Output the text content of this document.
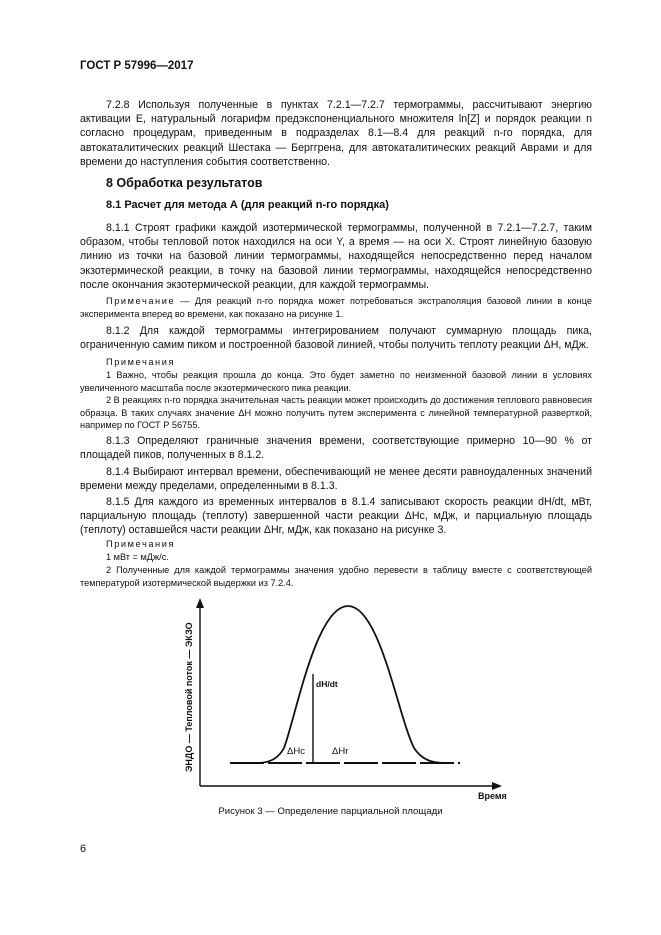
ГОСТ Р 57996—2017
7.2.8 Используя полученные в пунктах 7.2.1—7.2.7 термограммы, рассчитывают энергию активации E, натуральный логарифм предэкспоненциального множителя ln[Z] и порядок реакции n согласно процедурам, приведенным в подразделах 8.1—8.4 для реакций n-го порядка, для автокаталитических реакций Шестака — Берггрена, для автокаталитических реакций Аврами и для времени до наступления события соответственно.
8 Обработка результатов
8.1 Расчет для метода А (для реакций n-го порядка)
8.1.1 Строят графики каждой изотермической термограммы, полученной в 7.2.1—7.2.7, таким образом, чтобы тепловой поток находился на оси Y, а время — на оси X. Строят линейную базовую линию из точки на базовой линии термограммы, находящейся непосредственно перед началом экзотермической реакции, в точку на базовой линии термограммы, находящейся непосредственно после окончания экзотермической реакции, для каждой термограммы.
Примечание — Для реакций n-го порядка может потребоваться экстраполяция базовой линии в конце эксперимента вперед во времени, как показано на рисунке 1.
8.1.2 Для каждой термограммы интегрированием получают суммарную площадь пика, ограниченную самим пиком и построенной базовой линией, чтобы получить теплоту реакции ΔH, мДж.
Примечания
1 Важно, чтобы реакция прошла до конца. Это будет заметно по неизменной базовой линии в условиях увеличенного масштаба после экзотермического пика реакции.
2 В реакциях n-го порядка значительная часть реакции может происходить до достижения теплового равновесия образца. В таких случаях значение ΔH можно получить путем эксперимента с линейной температурной разверткой, например по ГОСТ Р 56755.
8.1.3 Определяют граничные значения времени, соответствующие примерно 10—90 % от площадей пиков, полученных в 8.1.2.
8.1.4 Выбирают интервал времени, обеспечивающий не менее десяти равноудаленных значений времени между пределами, определенными в 8.1.3.
8.1.5 Для каждого из временных интервалов в 8.1.4 записывают скорость реакции dH/dt, мВт, парциальную площадь (теплоту) завершенной части реакции ΔHc, мДж, и парциальную площадь (теплоту) оставшейся части реакции ΔHr, мДж, как показано на рисунке 3.
Примечания
1 мВт = мДж/с.
2 Полученные для каждой термограммы значения удобно перевести в таблицу вместе с соответствующей температурой изотермической выдержки из 7.2.4.
ЭНДО — Тепловой поток — ЭКЗО
Время
dH/dt
ΔHc	ΔHr
Рисунок 3 — Определение парциальной площади
6
